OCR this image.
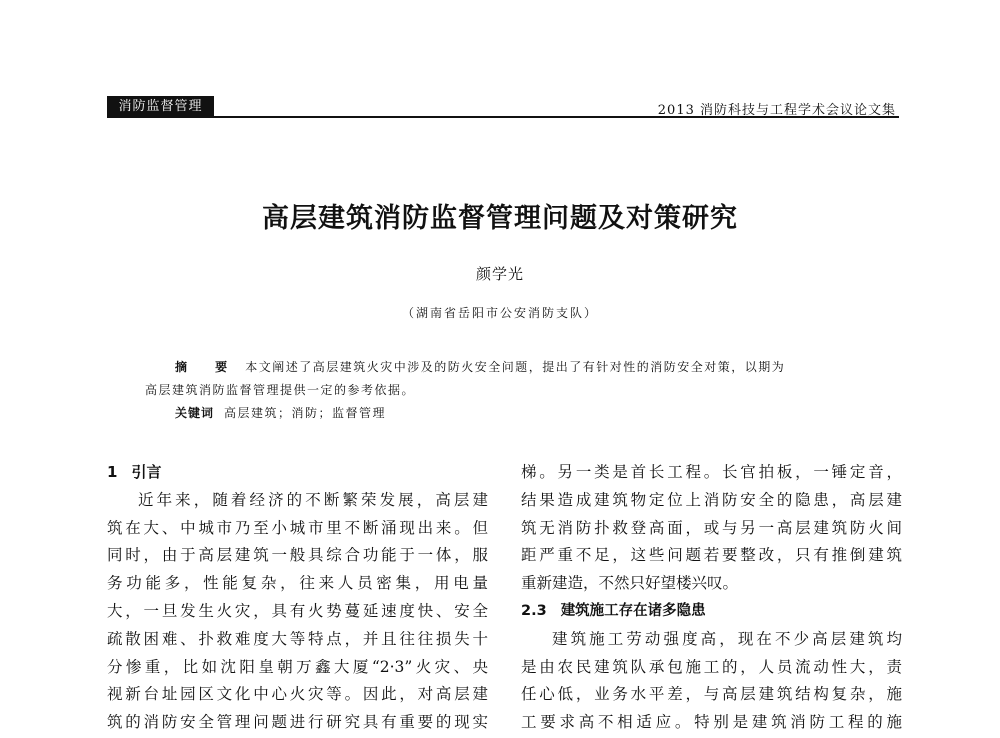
消防监督管理	2013 消防科技与工程学术会议论文集
高层建筑消防监督管理问题及对策研究
颜学光
（湖南省岳阳市公安消防支队）
摘 要 本文阐述了高层建筑火灾中涉及的防火安全问题，提出了有针对性的消防安全对策，以期为
高层建筑消防监督管理提供一定的参考依据。
关键词 高层建筑；消防；监督管理
1 引言
近年来，随着经济的不断繁荣发展，高层建
筑在大、中城市乃至小城市里不断涌现出来。但
同时，由于高层建筑一般具综合功能于一体，服
务功能多，性能复杂，往来人员密集，用电量
大，一旦发生火灾，具有火势蔓延速度快、安全
疏散困难、扑救难度大等特点，并且往往损失十
分惨重，比如沈阳皇朝万鑫大厦“2·3”火灾、央
视新台址园区文化中心火灾等。因此，对高层建
筑的消防安全管理问题进行研究具有重要的现实
梯。另一类是首长工程。长官拍板，一锤定音，
结果造成建筑物定位上消防安全的隐患，高层建
筑无消防扑救登高面，或与另一高层建筑防火间
距严重不足，这些问题若要整改，只有推倒建筑
重新建造，不然只好望楼兴叹。
2.3 建筑施工存在诸多隐患
建筑施工劳动强度高，现在不少高层建筑均
是由农民建筑队承包施工的，人员流动性大，责
任心低，业务水平差，与高层建筑结构复杂，施
工要求高不相适应。特别是建筑消防工程的施
